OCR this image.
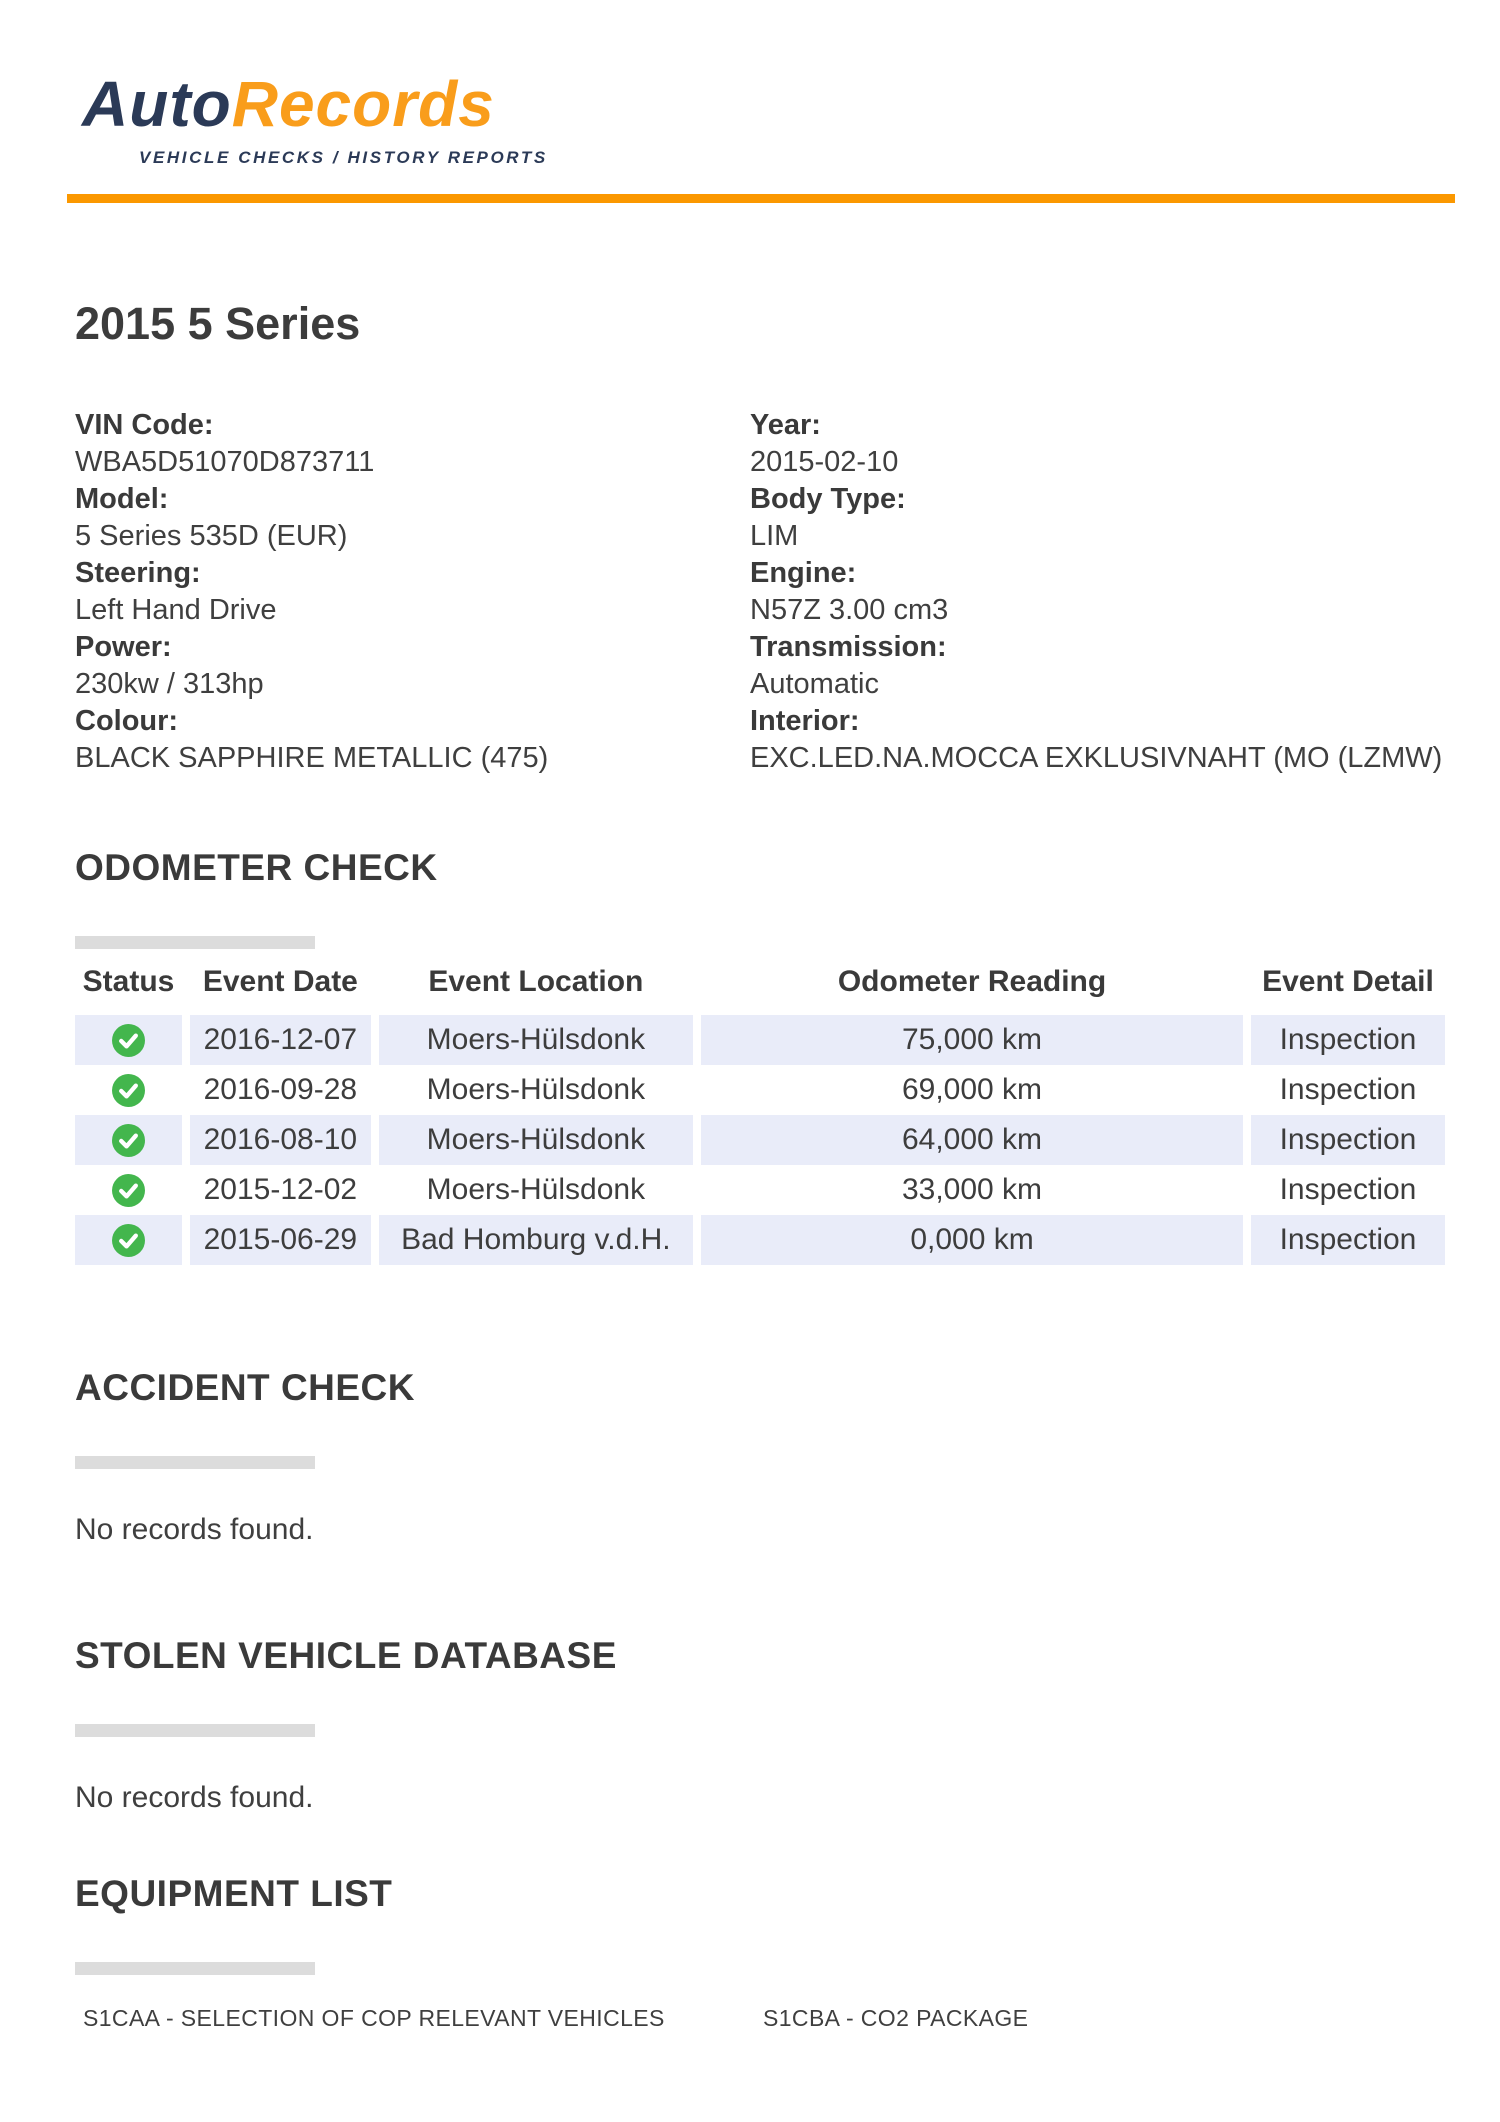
AutoRecords
VEHICLE CHECKS / HISTORY REPORTS
2015 5 Series
VIN Code:
WBA5D51070D873711
Model:
5 Series 535D (EUR)
Steering:
Left Hand Drive
Power:
230kw / 313hp
Colour:
BLACK SAPPHIRE METALLIC (475)
Year:
2015-02-10
Body Type:
LIM
Engine:
N57Z 3.00 cm3
Transmission:
Automatic
Interior:
EXC.LED.NA.MOCCA EXKLUSIVNAHT (MO (LZMW)
ODOMETER CHECK
Status	Event Date	Event Location	Odometer Reading	Event Detail
	2016-12-07	Moers-Hülsdonk	75,000 km	Inspection
	2016-09-28	Moers-Hülsdonk	69,000 km	Inspection
	2016-08-10	Moers-Hülsdonk	64,000 km	Inspection
	2015-12-02	Moers-Hülsdonk	33,000 km	Inspection
	2015-06-29	Bad Homburg v.d.H.	0,000 km	Inspection
ACCIDENT CHECK

No records found.

STOLEN VEHICLE DATABASE

No records found.

EQUIPMENT LIST
S1CAA - SELECTION OF COP RELEVANT VEHICLES	S1CBA - CO2 PACKAGE
